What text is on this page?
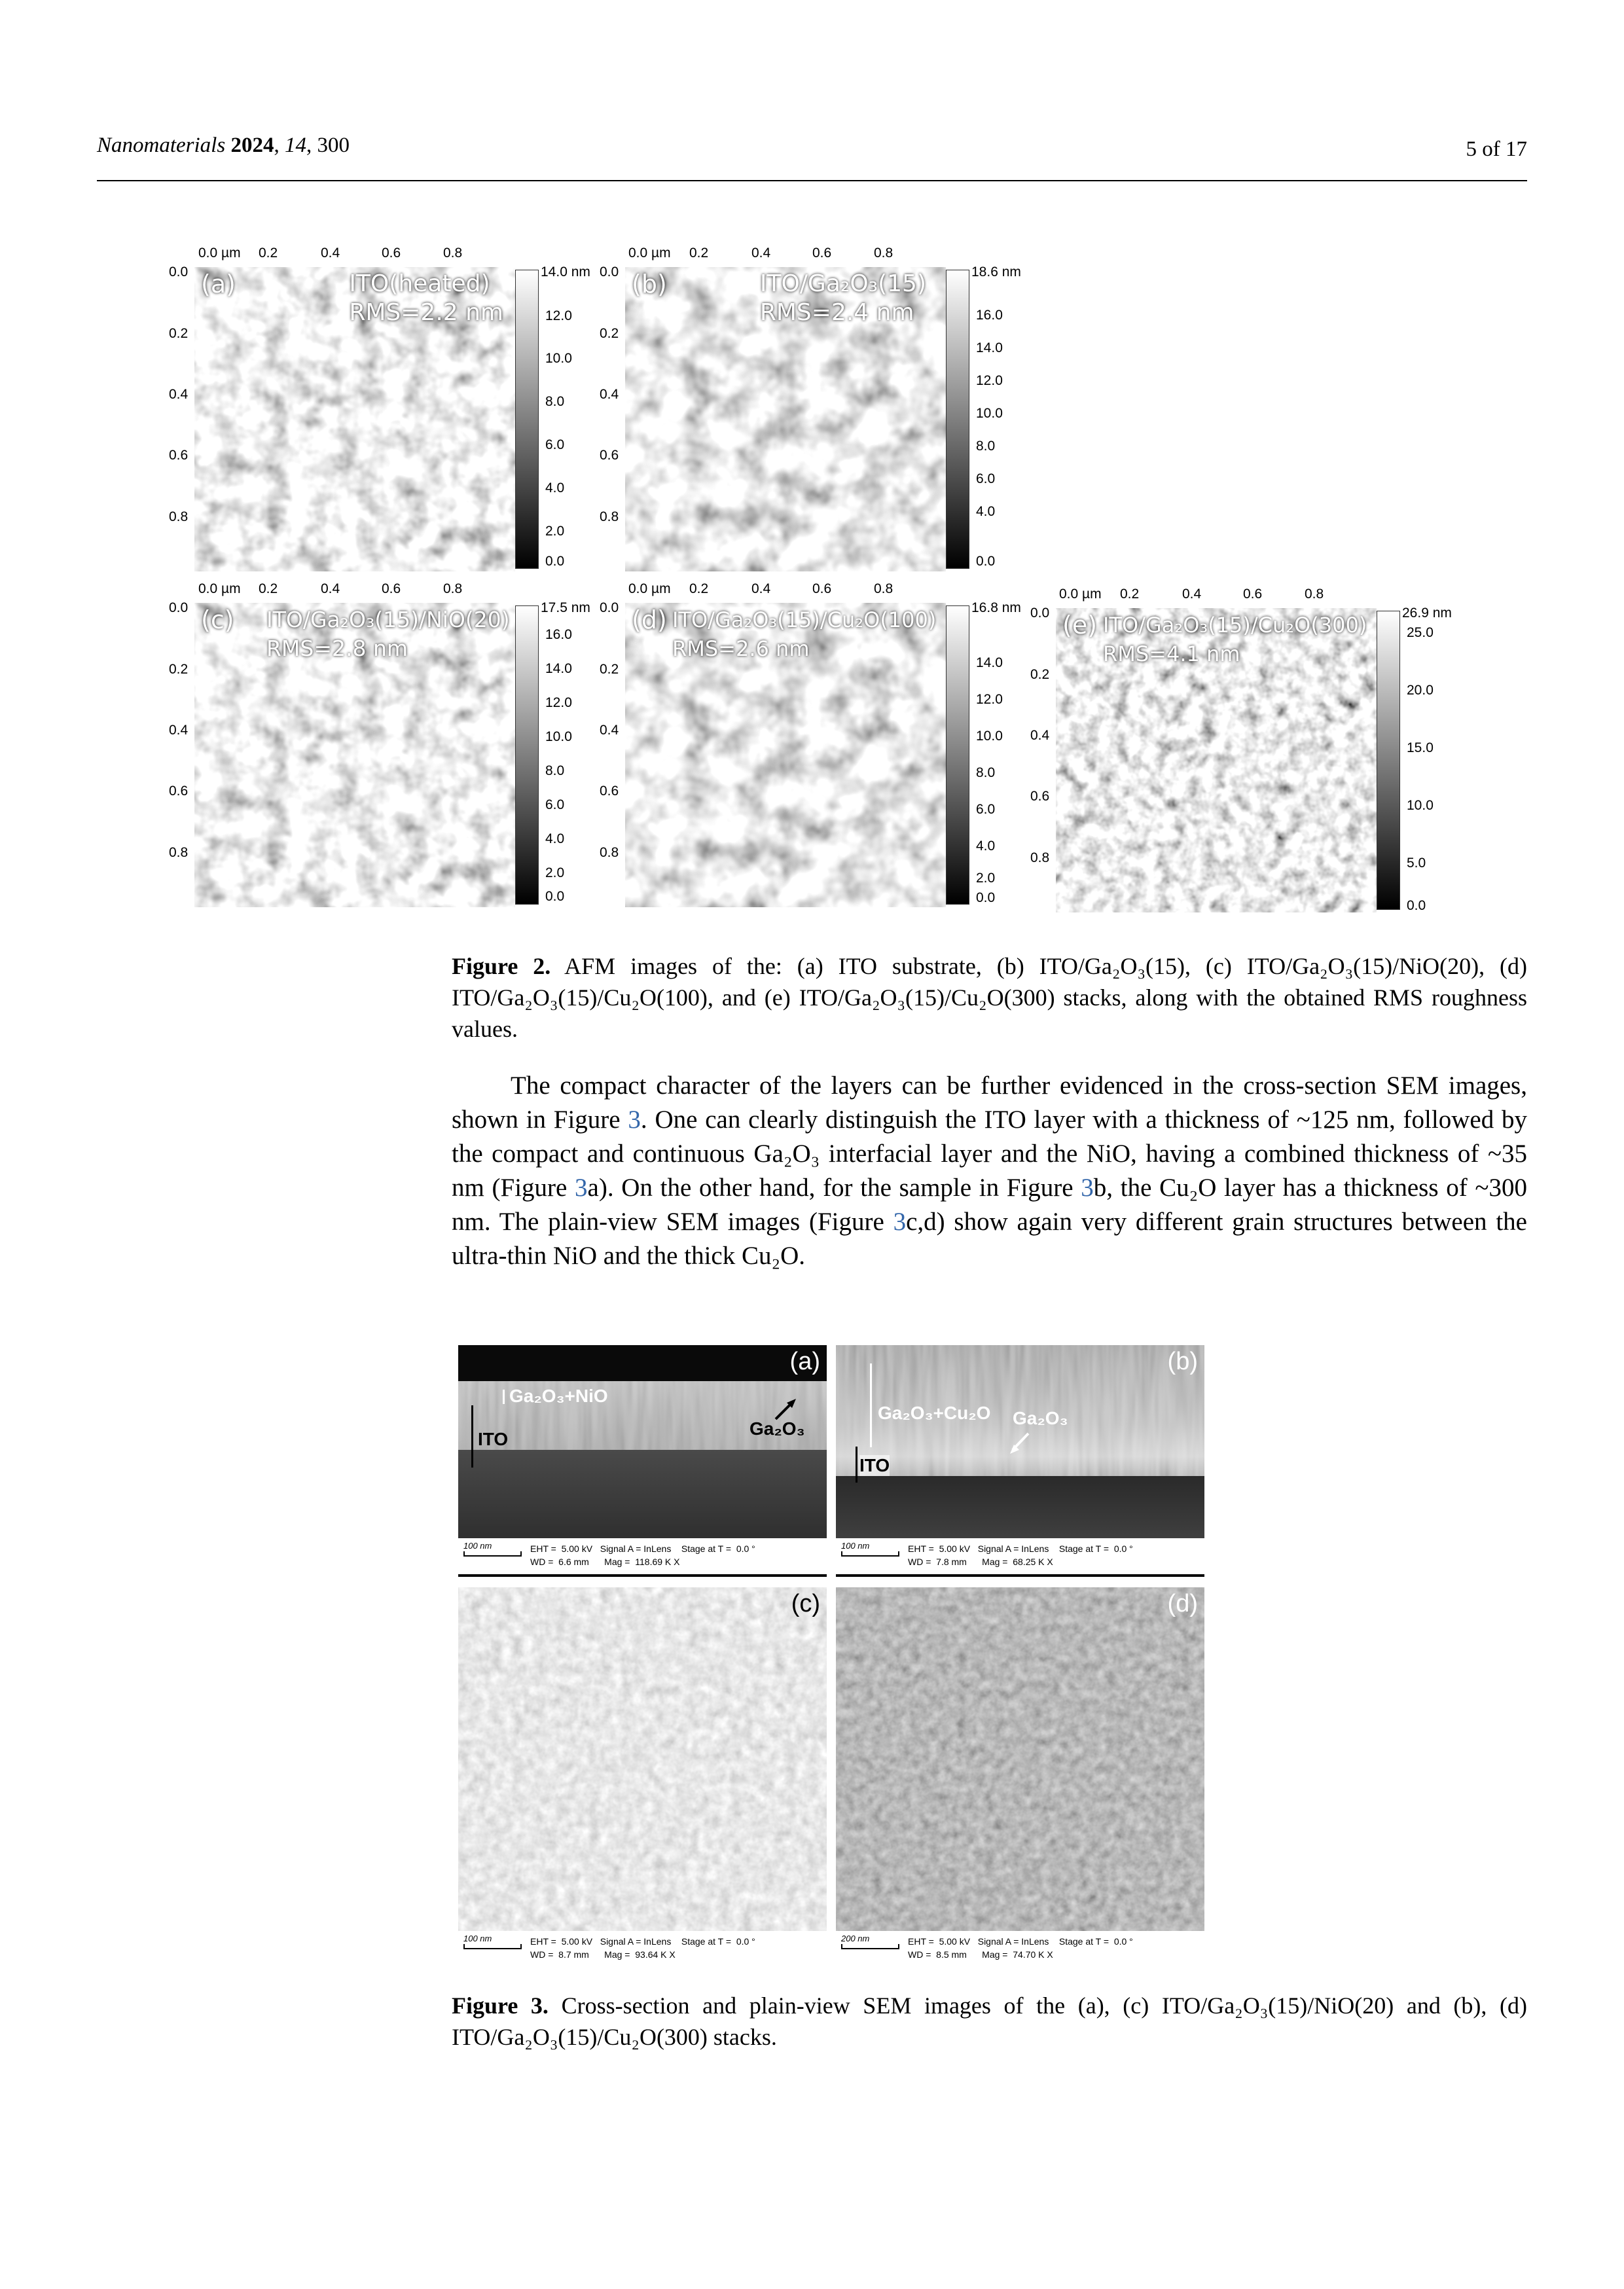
Nanomaterials 2024, 14, 300	5 of 17
(a)	ITO(heated)
RMS=2.2 nm
(b)	ITO/Ga₂O₃(15)
RMS=2.4 nm
(c) ITO/Ga₂O₃(15)/NiO(20)
RMS=2.8 nm
(d) ITO/Ga₂O₃(15)/Cu₂O(100)
RMS=2.6 nm
(e) ITO/Ga₂O₃(15)/Cu₂O(300)
RMS=4.1 nm
0.0 µm 0.2	0.4	0.6	0.8
0.0
0.2
0.4
0.6
0.8
0.0 µm 0.2	0.4	0.6	0.8
0.0
0.2
0.4
0.6
0.8
0.0 µm 0.2	0.4	0.6	0.8
0.0
0.2
0.4
0.6
0.8
0.0 µm 0.2	0.4	0.6	0.8
0.0
0.2
0.4
0.6
0.8
0.0 µm 0.2	0.4	0.6	0.8
0.0
0.2
0.4
0.6
0.8
14.0 nm
12.0
10.0
8.0
6.0
4.0
2.0
0.0
18.6 nm
16.0
14.0
12.0
10.0
8.0
6.0
4.0
0.0
17.5 nm
16.0
14.0
12.0
10.0
8.0
6.0
4.0
2.0
0.0
16.8 nm
14.0
12.0
10.0
8.0
6.0
4.0
2.0
0.0
26.9 nm
25.0
20.0
15.0
10.0
5.0
0.0
Figure 2. AFM images of the: (a) ITO substrate, (b) ITO/Ga₂O₃(15), (c) ITO/Ga₂O₃(15)/NiO(20), (d) ITO/Ga₂O₃(15)/Cu₂O(100), and (e) ITO/Ga₂O₃(15)/Cu₂O(300) stacks, along with the obtained RMS roughness values.
The compact character of the layers can be further evidenced in the cross-section SEM images, shown in Figure 3. One can clearly distinguish the ITO layer with a thickness of ~125 nm, followed by the compact and continuous Ga₂O₃ interfacial layer and the NiO, having a combined thickness of ~35 nm (Figure 3a). On the other hand, for the sample in Figure 3b, the Cu₂O layer has a thickness of ~300 nm. The plain-view SEM images (Figure 3c,d) show again very different grain structures between the ultra-thin NiO and the thick Cu₂O.
(a)
Ga₂O₃+NiO
ITO
Ga₂O₃
100 nm	EHT =  5.00 kV   Signal A = InLens    Stage at T =  0.0 °
WD =  6.6 mm      Mag =  118.69 K X
(b)
Ga₂O₃+Cu₂O
ITO
Ga₂O₃
100 nm	EHT =  5.00 kV   Signal A = InLens    Stage at T =  0.0 °
WD =  7.8 mm      Mag =  68.25 K X
(c)
100 nm	EHT =  5.00 kV   Signal A = InLens    Stage at T =  0.0 °
WD =  8.7 mm      Mag =  93.64 K X
(d)
200 nm	EHT =  5.00 kV   Signal A = InLens    Stage at T =  0.0 °
WD =  8.5 mm      Mag =  74.70 K X
Figure 3. Cross-section and plain-view SEM images of the (a), (c) ITO/Ga₂O₃(15)/NiO(20) and (b), (d) ITO/Ga₂O₃(15)/Cu₂O(300) stacks.
